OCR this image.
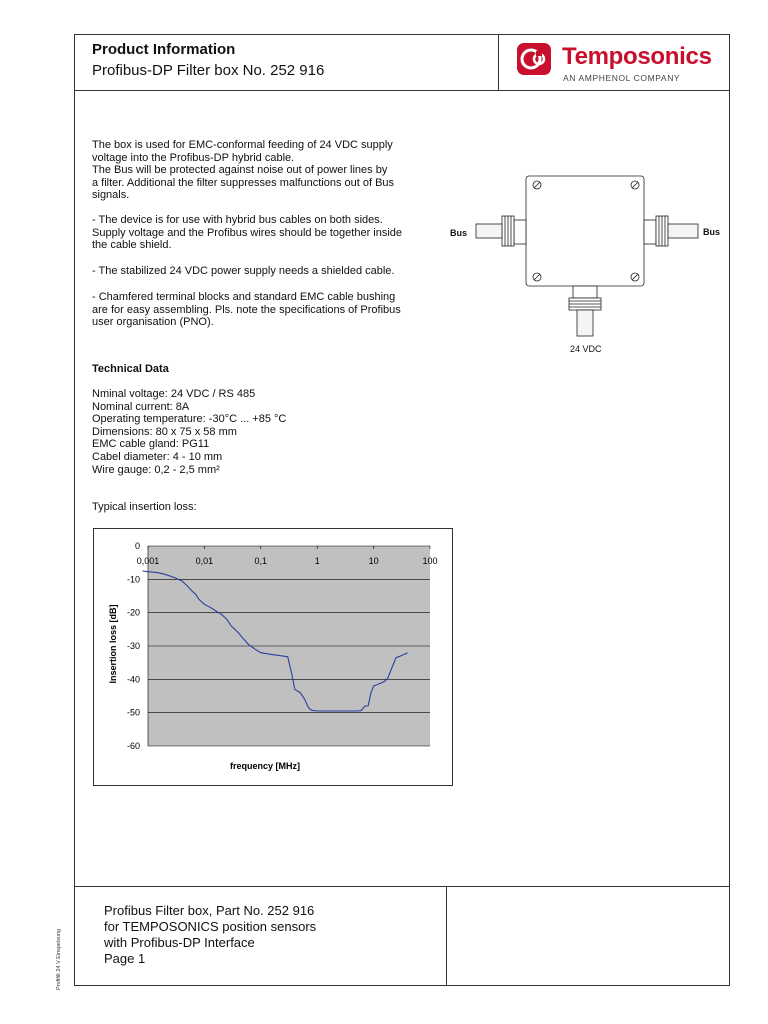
Product Information
Profibus-DP Filter box No. 252 916
Temposonics
AN AMPHENOL COMPANY
The box is used for EMC-conformal feeding of 24 VDC supply
voltage into the Profibus-DP hybrid cable.
The Bus will be protected against noise out of power lines by
a filter. Additional the filter suppresses malfunctions out of Bus
signals.
- The device is for use with hybrid bus cables on both sides.
Supply voltage and the Profibus wires should be together inside
the cable shield.
- The stabilized 24 VDC power supply needs a shielded cable.
- Chamfered terminal blocks and standard EMC cable bushing
are for easy assembling. Pls. note the specifications of Profibus
user organisation (PNO).
Bus	Bus
24 VDC
Technical Data
Nminal voltage: 24 VDC / RS 485
Nominal current: 8A
Operating temperature: -30°C ... +85 °C
Dimensions: 80 x 75 x 58 mm
EMC cable gland: PG11
Cabel diameter: 4 - 10 mm
Wire gauge: 0,2 - 2,5 mm²
Typical insertion loss:
0
-10
-20
-30
-40
-50
-60
0,001	0,01	0,1	1	10	100
frequency [MHz]
Insertion loss [dB]
Profibus Filter box, Part No. 252 916
for TEMPOSONICS position sensors
with Profibus-DP Interface
Page 1
Profifilt 24 V Einspeisung
